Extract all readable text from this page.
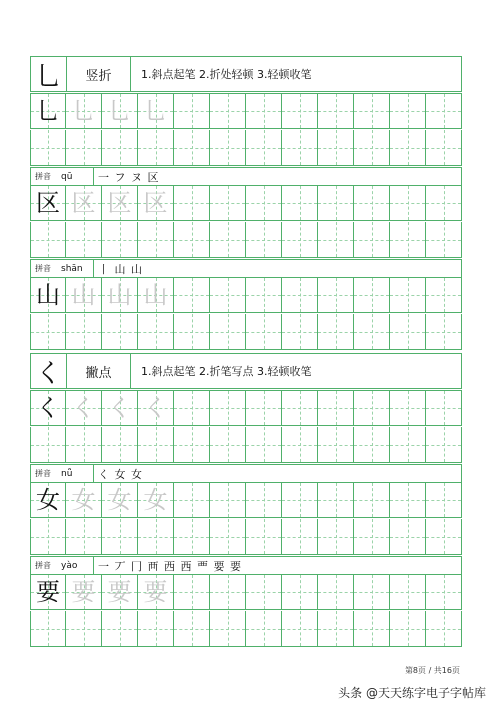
乚	竖折	1.斜点起笔 2.折处轻顿 3.轻顿收笔
乚 乚 乚 乚
拼音	qū	一 フ ヌ 区
区 区 区 区
拼音	shān	丨 山 山
山 山 山 山
く	撇点	1.斜点起笔 2.折笔写点 3.轻顿收笔
く く く く
拼音	nǚ	く 女 女
女 女 女 女
拼音	yào	一 丆 冂 襾 西 西 覀 要 要
要 要 要 要
第8页 / 共16页
头条 @天天练字电子字帖库
